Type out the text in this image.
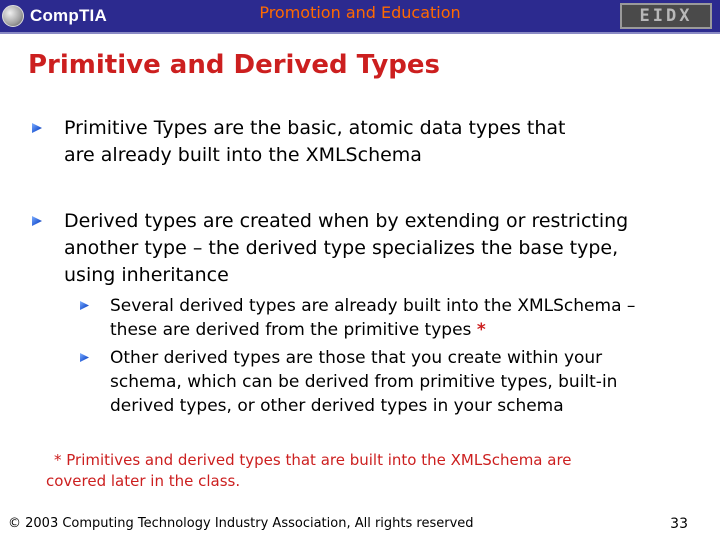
CompTIA	Promotion and Education	EIDX
Primitive and Derived Types
Primitive Types are the basic, atomic data types that
are already built into the XMLSchema
Derived types are created when by extending or restricting
another type – the derived type specializes the base type,
using inheritance
Several derived types are already built into the XMLSchema –
these are derived from the primitive types *
Other derived types are those that you create within your
schema, which can be derived from primitive types, built-in
derived types, or other derived types in your schema
* Primitives and derived types that are built into the XMLSchema are
covered later in the class.
© 2003 Computing Technology Industry Association, All rights reserved	33
